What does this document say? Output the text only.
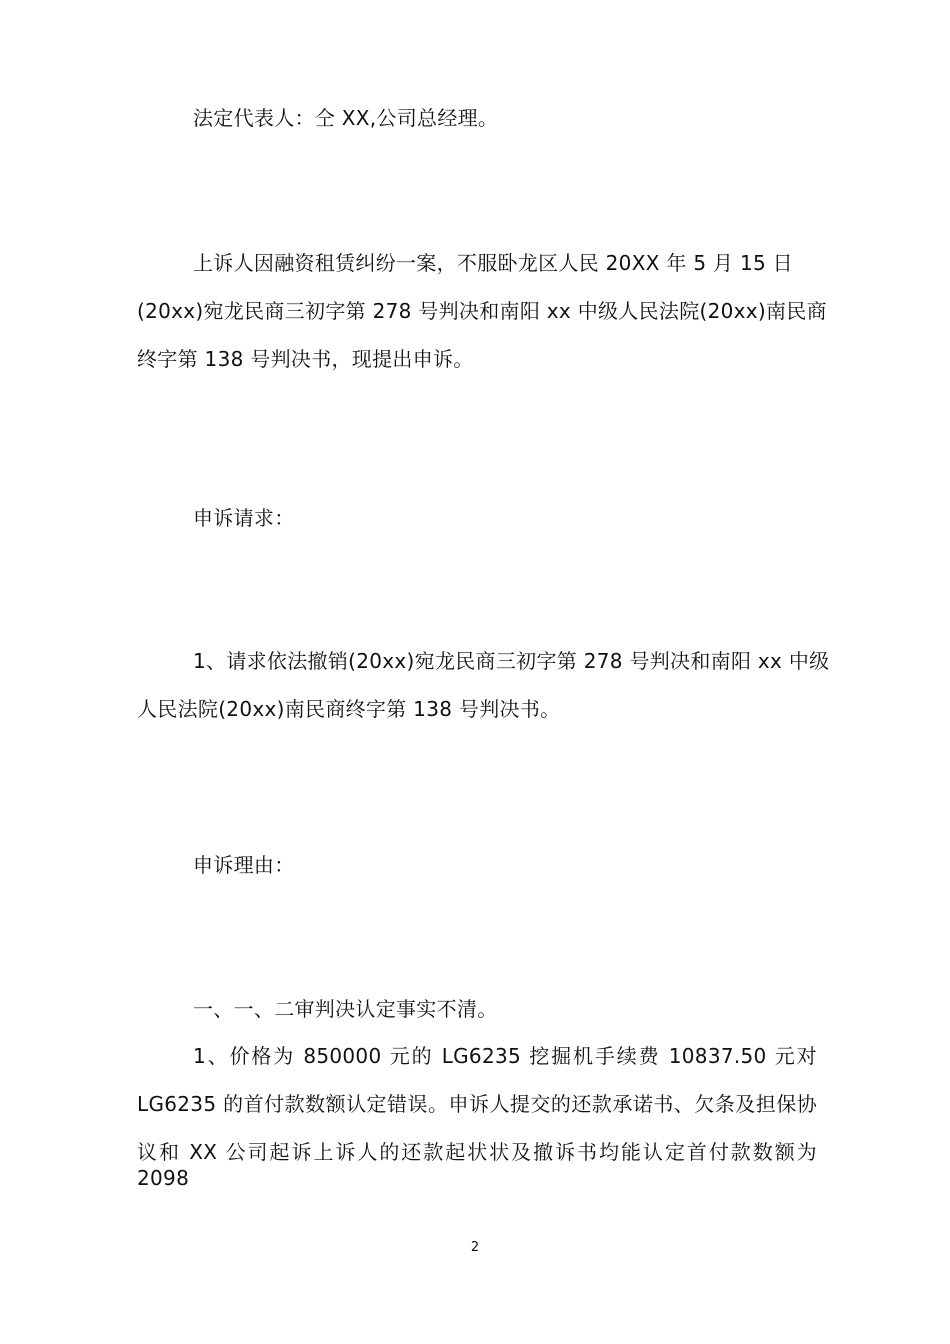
法定代表人：仝 XX,公司总经理。
上诉人因融资租赁纠纷一案，不服卧龙区人民 20XX 年 5 月 15 日
(20xx)宛龙民商三初字第 278 号判决和南阳 xx 中级人民法院(20xx)南民商
终字第 138 号判决书，现提出申诉。
申诉请求：
1、请求依法撤销(20xx)宛龙民商三初字第 278 号判决和南阳 xx 中级
人民法院(20xx)南民商终字第 138 号判决书。
申诉理由：
一、一、二审判决认定事实不清。
1、价格为 850000 元的 LG6235 挖掘机手续费 10837.50 元对
LG6235 的首付款数额认定错误。申诉人提交的还款承诺书、欠条及担保协
议和 XX 公司起诉上诉人的还款起状状及撤诉书均能认定首付款数额为 2098
2
